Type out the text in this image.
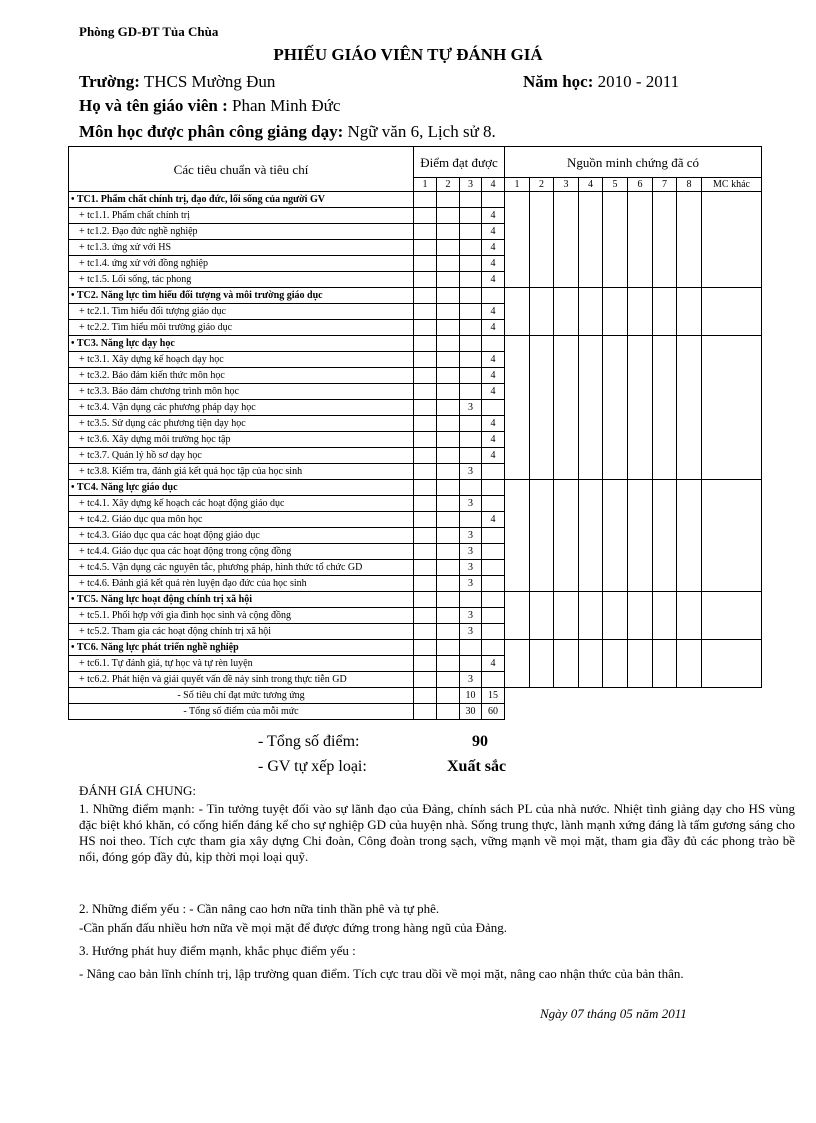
Phòng GD-ĐT Tủa Chùa
PHIẾU GIÁO VIÊN TỰ ĐÁNH GIÁ
Trường: THCS Mường Đun	Năm học: 2010 - 2011
Họ và tên giáo viên : Phan Minh Đức
Môn học được phân công giảng dạy: Ngữ văn 6, Lịch sử 8.
Các tiêu chuẩn và tiêu chí	Điểm đạt được				Nguồn minh chứng đã có								
	1	2	3	4	1	2	3	4	5	6	7	8	MC khác
• TC1. Phẩm chất chính trị, đạo đức, lối sống của người GV													
+ tc1.1. Phẩm chất chính trị				4									
+ tc1.2. Đạo đức nghề nghiệp				4									
+ tc1.3. ứng xử với HS				4									
+ tc1.4. ứng xử với đồng nghiệp				4									
+ tc1.5. Lối sống, tác phong				4									
• TC2. Năng lực tìm hiểu đối tượng và môi trường giáo dục													
+ tc2.1. Tìm hiểu đối tượng giáo dục				4									
+ tc2.2. Tìm hiểu môi trường giáo dục				4									
• TC3. Năng lực dạy học													
+ tc3.1. Xây dựng kế hoạch dạy học				4									
+ tc3.2. Bảo đảm kiến thức môn học				4									
+ tc3.3. Bảo đảm chương trình môn học				4									
+ tc3.4. Vận dụng các phương pháp dạy học			3										
+ tc3.5. Sử dụng các phương tiện dạy học				4									
+ tc3.6. Xây dựng môi trường học tập				4									
+ tc3.7. Quản lý hồ sơ dạy học				4									
+ tc3.8. Kiểm tra, đánh giá kết quả học tập của học sinh			3										
• TC4. Năng lực giáo dục													
+ tc4.1. Xây dựng kế hoạch các hoạt động giáo dục			3										
+ tc4.2. Giáo dục qua môn học				4									
+ tc4.3. Giáo dục qua các hoạt động giáo dục			3										
+ tc4.4. Giáo dục qua các hoạt động trong cộng đồng			3										
+ tc4.5. Vận dụng các nguyên tắc, phương pháp, hình thức tổ chức GD			3										
+ tc4.6. Đánh giá kết quả rèn luyện đạo đức của học sinh			3										
• TC5. Năng lực hoạt động chính trị xã hội													
+ tc5.1. Phối hợp với gia đình học sinh và cộng đồng			3										
+ tc5.2. Tham gia các hoạt động chính trị xã hội			3										
• TC6. Năng lực phát triển nghề nghiệp													
+ tc6.1. Tự đánh giá, tự học và tự rèn luyện				4									
+ tc6.2. Phát hiện và giải quyết vấn đề nảy sinh trong thực tiễn GD			3										
- Số tiêu chí đạt mức tương ứng			10	15									
- Tổng số điểm của mỗi mức			30	60									
- Tổng số điểm:	90
- GV tự xếp loại:	Xuất sắc
ĐÁNH GIÁ CHUNG:
1. Những điểm mạnh: - Tin tưởng tuyệt đối vào sự lãnh đạo của Đảng, chính sách PL của nhà nước. Nhiệt tình giảng dạy cho HS vùng đặc biệt khó khăn, có cống hiến đáng kể cho sự nghiệp GD của huyện nhà. Sống trung thực, lành mạnh xứng đáng là tấm gương sáng cho HS noi theo. Tích cực tham gia xây dựng Chi đoàn, Công đoàn trong sạch, vững mạnh về mọi mặt, tham gia đầy đủ các phong trào bề nổi, đóng góp đầy đủ, kịp thời mọi loại quỹ.
2. Những điểm yếu : - Cần nâng cao hơn nữa tinh thần phê và tự phê.
-Cần phấn đấu nhiều hơn nữa về mọi mặt để được đứng trong hàng ngũ của Đảng.
3. Hướng phát huy điểm mạnh, khắc phục điểm yếu :
- Nâng cao bản lĩnh chính trị, lập trường quan điểm. Tích cực trau dồi về mọi mặt, nâng cao nhận thức của bản thân.
Ngày 07 tháng 05 năm 2011
